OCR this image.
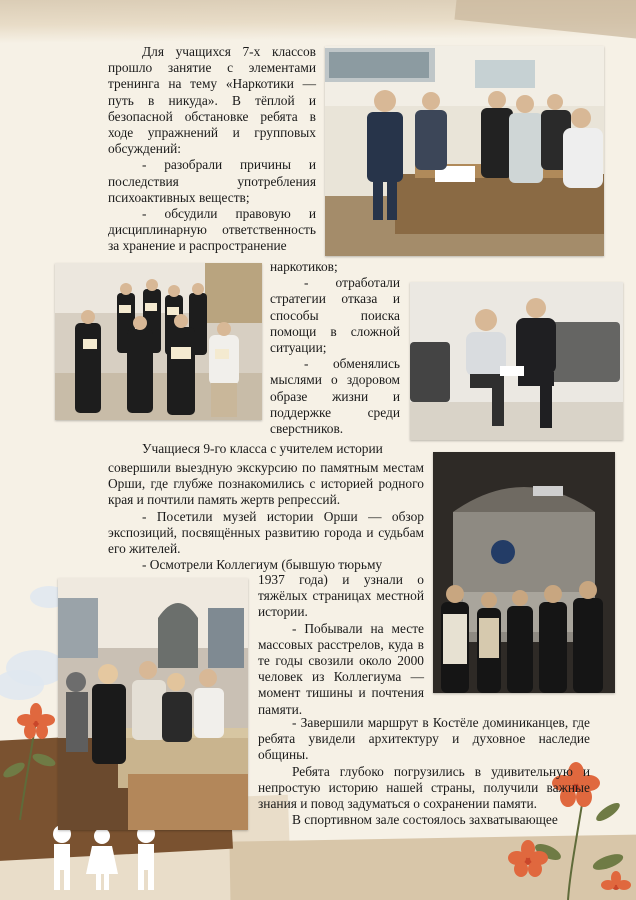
Для учащихся 7-х классов прошло занятие с элементами тренинга на тему «Наркотики — путь в никуда». В тёплой и безопасной обстановке ребята в ходе упражнений и групповых обсуждений:

- разобрали причины и последствия употребления психоактивных веществ;

- обсудили правовую и дисциплинарную ответственность за хранение и распространение

наркотиков;

- отработали стратегии отказа и способы поиска помощи в сложной ситуации;

- обменялись мыслями о здоровом образе жизни и поддержке среди сверстников.

Учащиеся 9-го класса с учителем истории

совершили выездную экскурсию по памятным местам Орши, где глубже познакомились с историей родного края и почтили память жертв репрессий.

- Посетили музей истории Орши — обзор экспозиций, посвящённых развитию города и судьбам его жителей.

- Осмотрели Коллегиум (бывшую тюрьму

1937 года) и узнали о тяжёлых страницах местной истории.

- Побывали на месте массовых расстрелов, куда в те годы свозили около 2000 человек из Коллегиума — момент тишины и почтения памяти.

- Завершили маршрут в Костёле доминиканцев, где ребята увидели архитектуру и духовное наследие общины.

Ребята глубоко погрузились в удивительную и непростую историю нашей страны, получили важные знания и повод задуматься о сохранении памяти.

В спортивном зале состоялось захватывающее
